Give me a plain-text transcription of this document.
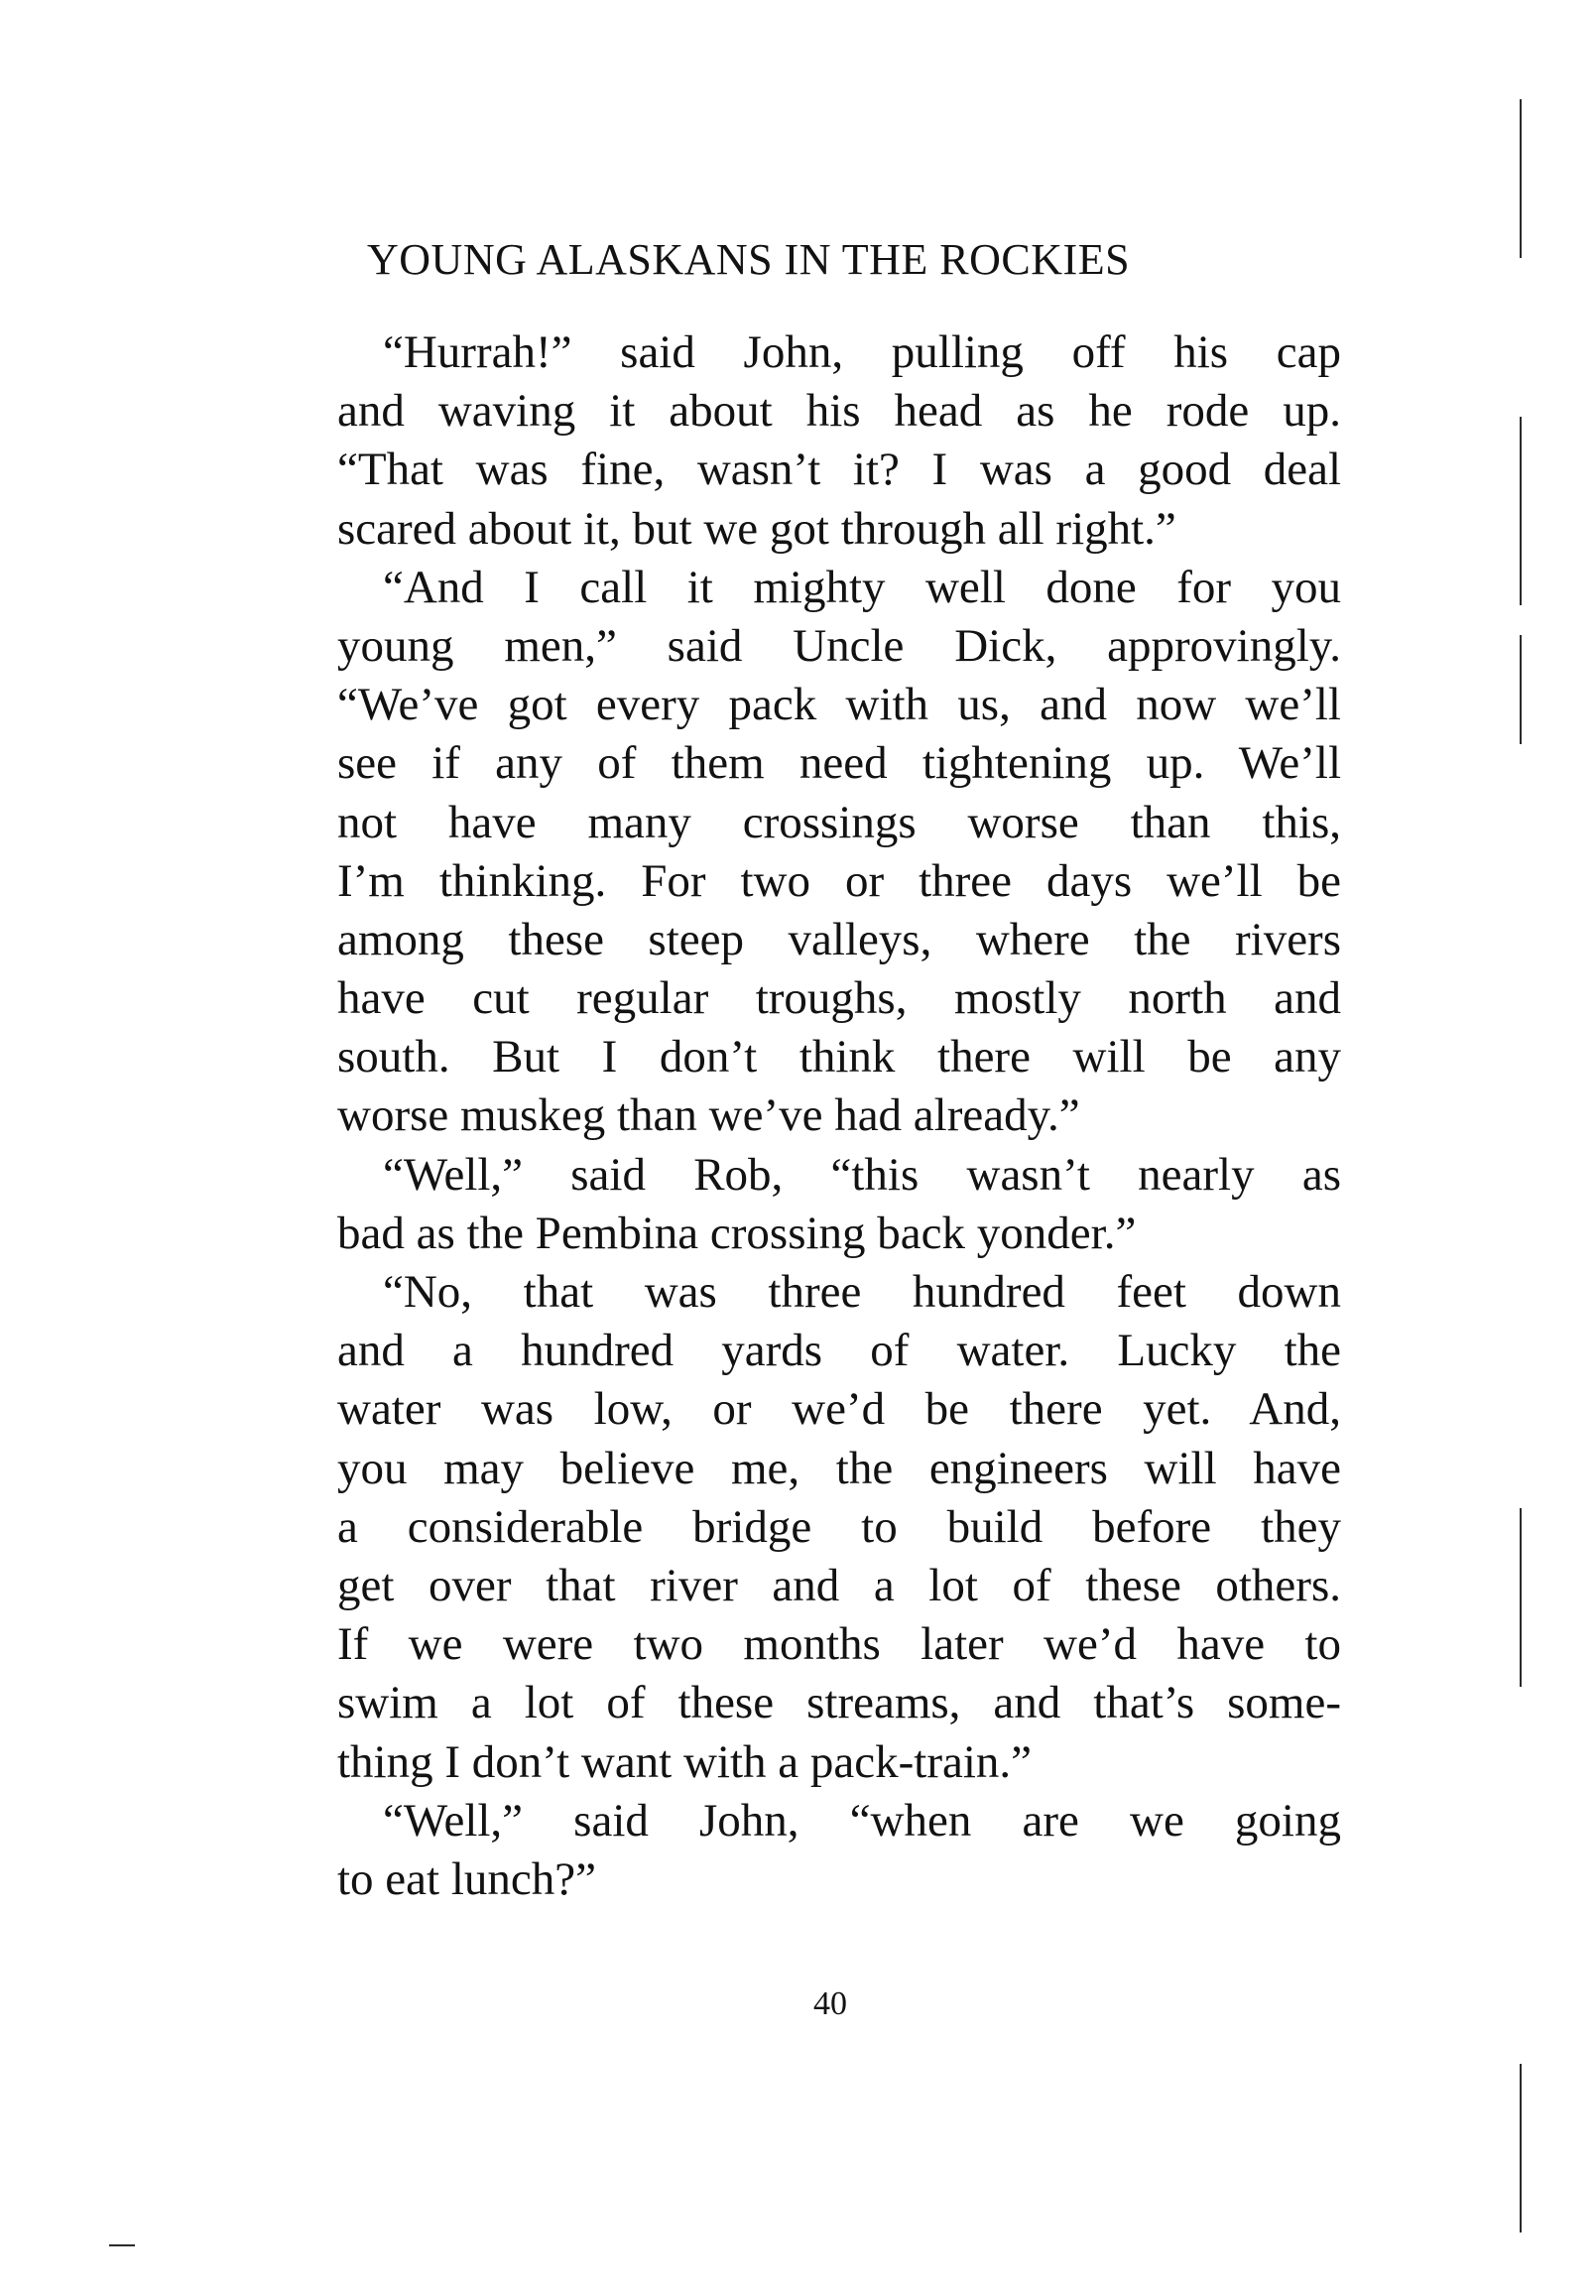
YOUNG ALASKANS IN THE ROCKIES
“Hurrah!” said John, pulling off his cap
and waving it about his head as he rode up.
“That was fine, wasn’t it? I was a good deal
scared about it, but we got through all right.”
“And I call it mighty well done for you
young men,” said Uncle Dick, approvingly.
“We’ve got every pack with us, and now we’ll
see if any of them need tightening up. We’ll
not have many crossings worse than this,
I’m thinking. For two or three days we’ll be
among these steep valleys, where the rivers
have cut regular troughs, mostly north and
south. But I don’t think there will be any
worse muskeg than we’ve had already.”
“Well,” said Rob, “this wasn’t nearly as
bad as the Pembina crossing back yonder.”
“No, that was three hundred feet down
and a hundred yards of water. Lucky the
water was low, or we’d be there yet. And,
you may believe me, the engineers will have
a considerable bridge to build before they
get over that river and a lot of these others.
If we were two months later we’d have to
swim a lot of these streams, and that’s some-
thing I don’t want with a pack-train.”
“Well,” said John, “when are we going
to eat lunch?”
40
